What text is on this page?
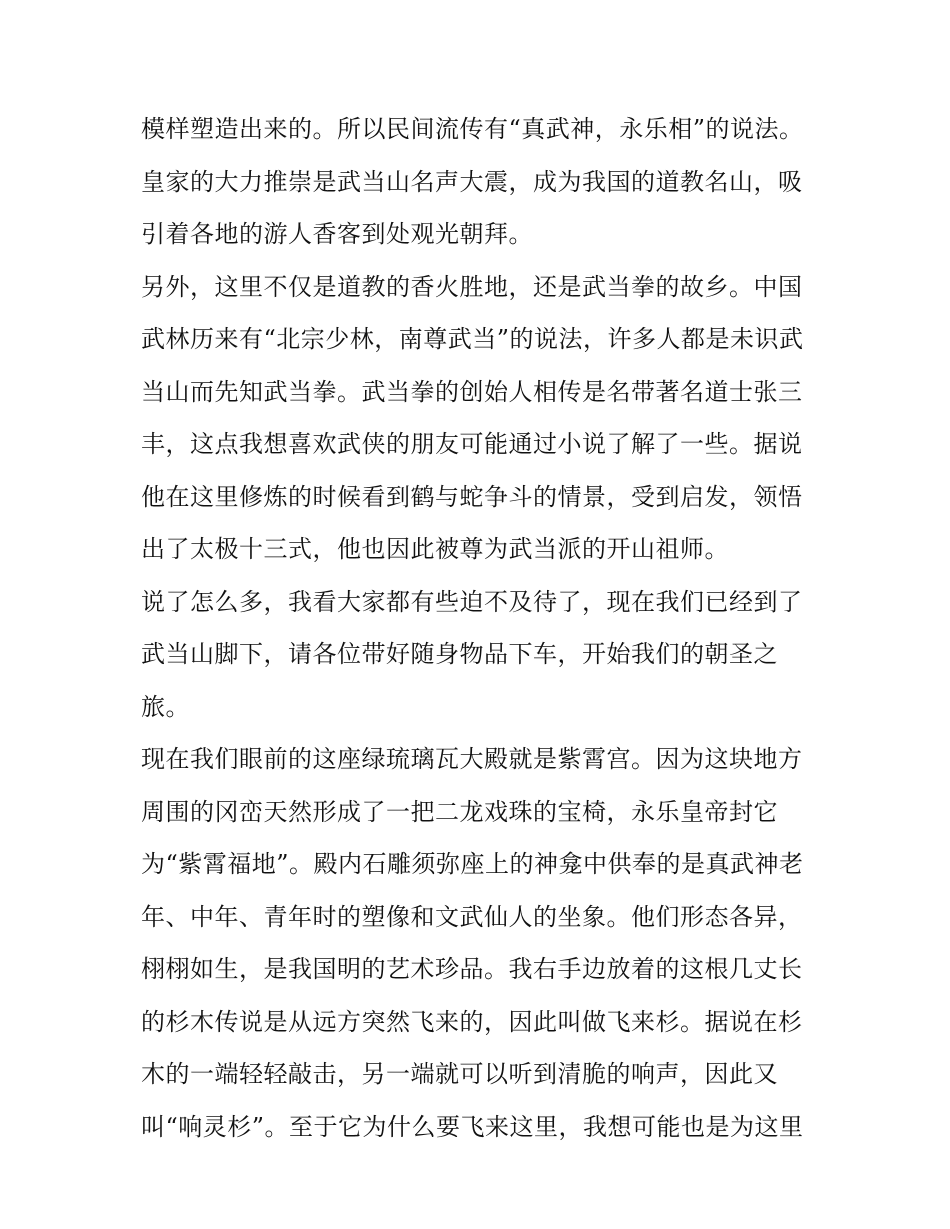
模样塑造出来的。所以民间流传有“真武神，永乐相”的说法。
皇家的大力推崇是武当山名声大震，成为我国的道教名山，吸
引着各地的游人香客到处观光朝拜。
另外，这里不仅是道教的香火胜地，还是武当拳的故乡。中国
武林历来有“北宗少林，南尊武当”的说法，许多人都是未识武
当山而先知武当拳。武当拳的创始人相传是名带著名道士张三
丰，这点我想喜欢武侠的朋友可能通过小说了解了一些。据说
他在这里修炼的时候看到鹤与蛇争斗的情景，受到启发，领悟
出了太极十三式，他也因此被尊为武当派的开山祖师。
说了怎么多，我看大家都有些迫不及待了，现在我们已经到了
武当山脚下，请各位带好随身物品下车，开始我们的朝圣之
旅。
现在我们眼前的这座绿琉璃瓦大殿就是紫霄宫。因为这块地方
周围的冈峦天然形成了一把二龙戏珠的宝椅，永乐皇帝封它
为“紫霄福地”。殿内石雕须弥座上的神龛中供奉的是真武神老
年、中年、青年时的塑像和文武仙人的坐象。他们形态各异，
栩栩如生，是我国明的艺术珍品。我右手边放着的这根几丈长
的杉木传说是从远方突然飞来的，因此叫做飞来杉。据说在杉
木的一端轻轻敲击，另一端就可以听到清脆的响声，因此又
叫“响灵杉”。至于它为什么要飞来这里，我想可能也是为这里
